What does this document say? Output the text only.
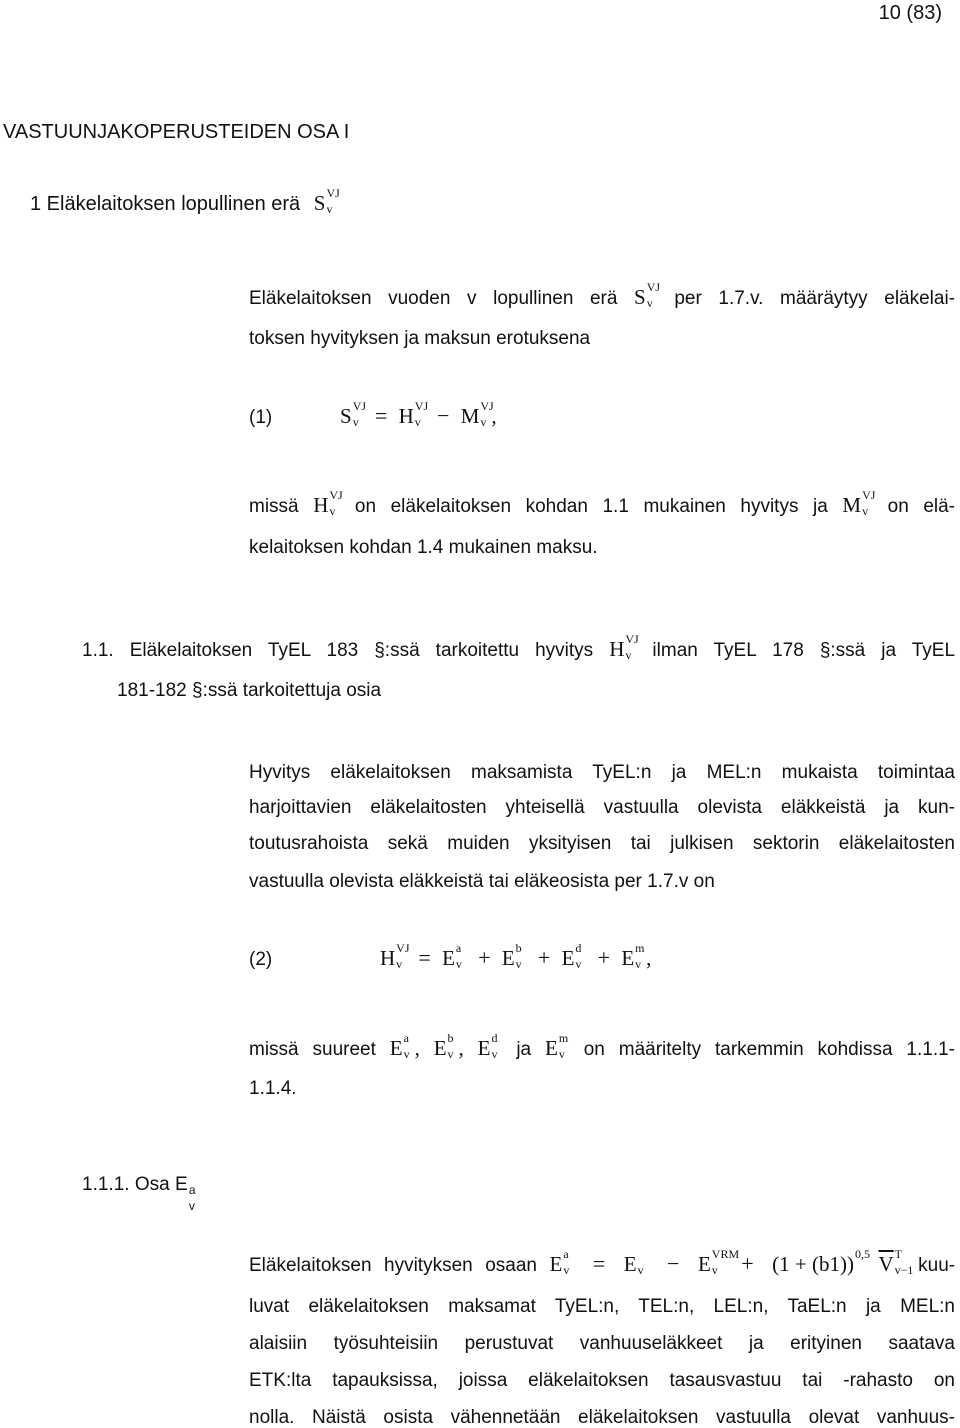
10 (83)
VASTUUNJAKOPERUSTEIDEN OSA I
1 Eläkelaitoksen lopullinen erä S VJ
v
Eläkelaitoksen vuoden v lopullinen erä S VJ
v per 1.7.v. määräytyy eläkelai-
toksen hyvityksen ja maksun erotuksena
(1)	S VJ
v = H VJ
v − M VJ
v ,
missä H VJ
v on eläkelaitoksen kohdan 1.1 mukainen hyvitys ja M VJ
v on elä-
kelaitoksen kohdan 1.4 mukainen maksu.
1.1. Eläkelaitoksen TyEL 183 §:ssä tarkoitettu hyvitys H VJ
v ilman TyEL 178 §:ssä ja TyEL
181-182 §:ssä tarkoitettuja osia
Hyvitys eläkelaitoksen maksamista TyEL:n ja MEL:n mukaista toimintaa
harjoittavien eläkelaitosten yhteisellä vastuulla olevista eläkkeistä ja kun-
toutusrahoista sekä muiden yksityisen tai julkisen sektorin eläkelaitosten
vastuulla olevista eläkkeistä tai eläkeosista per 1.7.v on
(2)	H VJ
v = E a
v + E b
v + E d
v + E m
v ,
missä suureet E a
v , E b
v , E d
v ja E m
v on määritelty tarkemmin kohdissa 1.1.1-
1.1.4.
1.1.1. Osa E a
v
Eläkelaitoksen hyvityksen osaan E a
v = E v − E VRM
v + (1 + (b1)) 0,5 V T
v−1 kuu-
luvat eläkelaitoksen maksamat TyEL:n, TEL:n, LEL:n, TaEL:n ja MEL:n
alaisiin työsuhteisiin perustuvat vanhuuseläkkeet ja erityinen saatava
ETK:lta tapauksissa, joissa eläkelaitoksen tasausvastuu tai -rahasto on
nolla. Näistä osista vähennetään eläkelaitoksen vastuulla olevat vanhuus-
